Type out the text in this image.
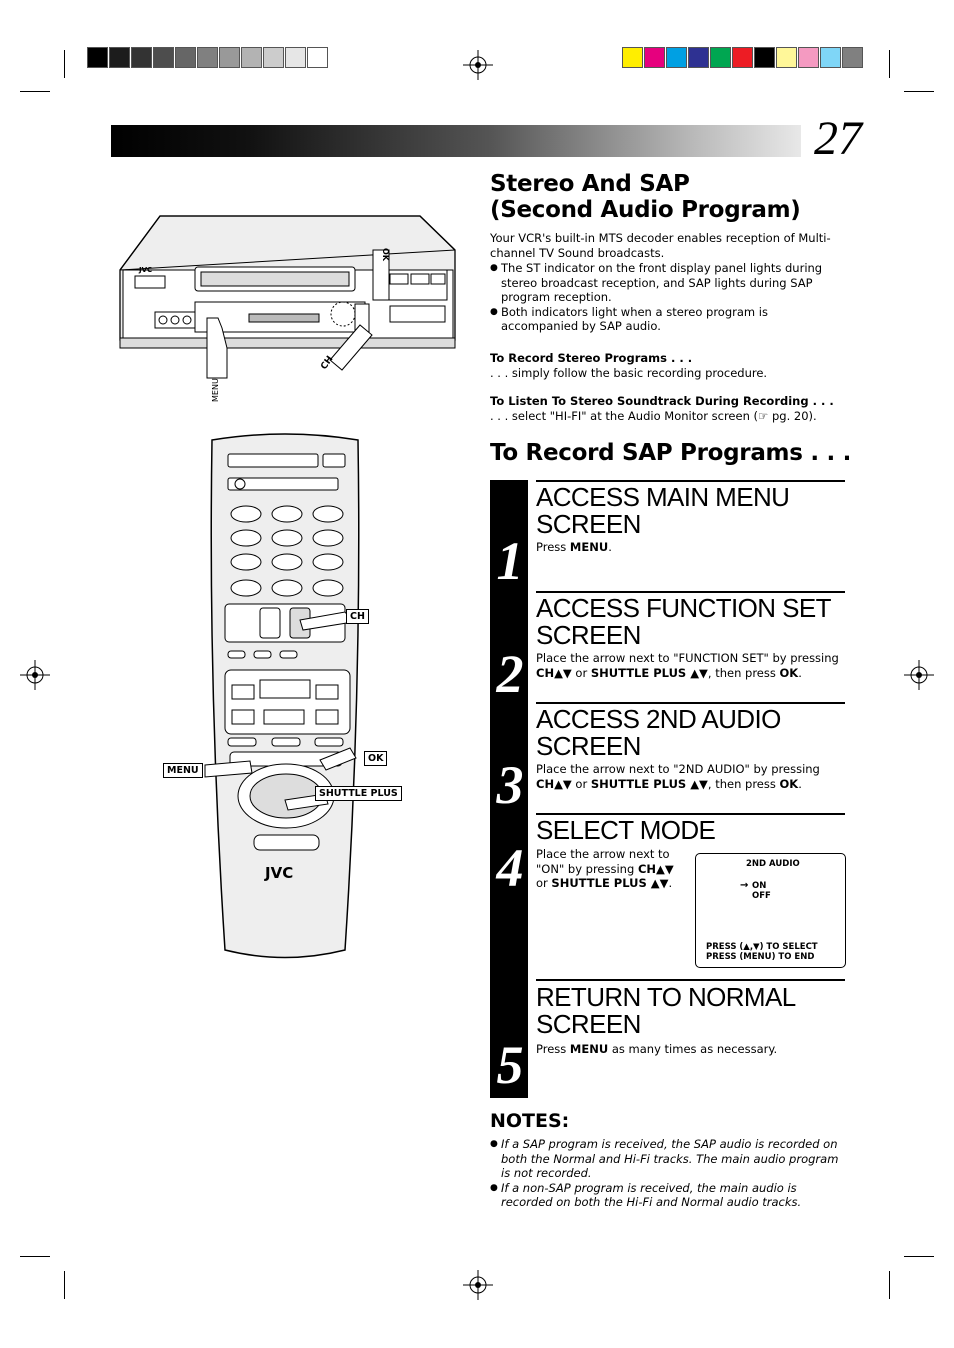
27
Stereo And SAP
(Second Audio Program)
Your VCR's built-in MTS decoder enables reception of Multi-channel TV Sound broadcasts.
● The ST indicator on the front display panel lights during stereo broadcast reception, and SAP lights during SAP program reception.
● Both indicators light when a stereo program is accompanied by SAP audio.
To Record Stereo Programs . . .
. . . simply follow the basic recording procedure.
To Listen To Stereo Soundtrack During Recording . . .
. . . select "HI-FI" at the Audio Monitor screen (☞ pg. 20).
To Record SAP Programs . . .
1
ACCESS MAIN MENU
SCREEN
Press MENU.
2
ACCESS FUNCTION SET
SCREEN
Place the arrow next to "FUNCTION SET" by pressing
CH▲▼ or SHUTTLE PLUS ▲▼, then press OK.
3
ACCESS 2ND AUDIO
SCREEN
Place the arrow next to "2ND AUDIO" by pressing
CH▲▼ or SHUTTLE PLUS ▲▼, then press OK.
4
SELECT MODE
Place the arrow next to
"ON" by pressing CH▲▼
or SHUTTLE PLUS ▲▼.
2ND AUDIO
→ ON
OFF
PRESS (▲,▼) TO SELECT
PRESS (MENU) TO END
5
RETURN TO NORMAL
SCREEN
Press MENU as many times as necessary.
NOTES:
● If a SAP program is received, the SAP audio is recorded on both the Normal and Hi-Fi tracks. The main audio program is not recorded.
● If a non-SAP program is received, the main audio is recorded on both the Hi-Fi and Normal audio tracks.
JVC
OK
CH
MENU
JVC
CH
OK
MENU
SHUTTLE PLUS
